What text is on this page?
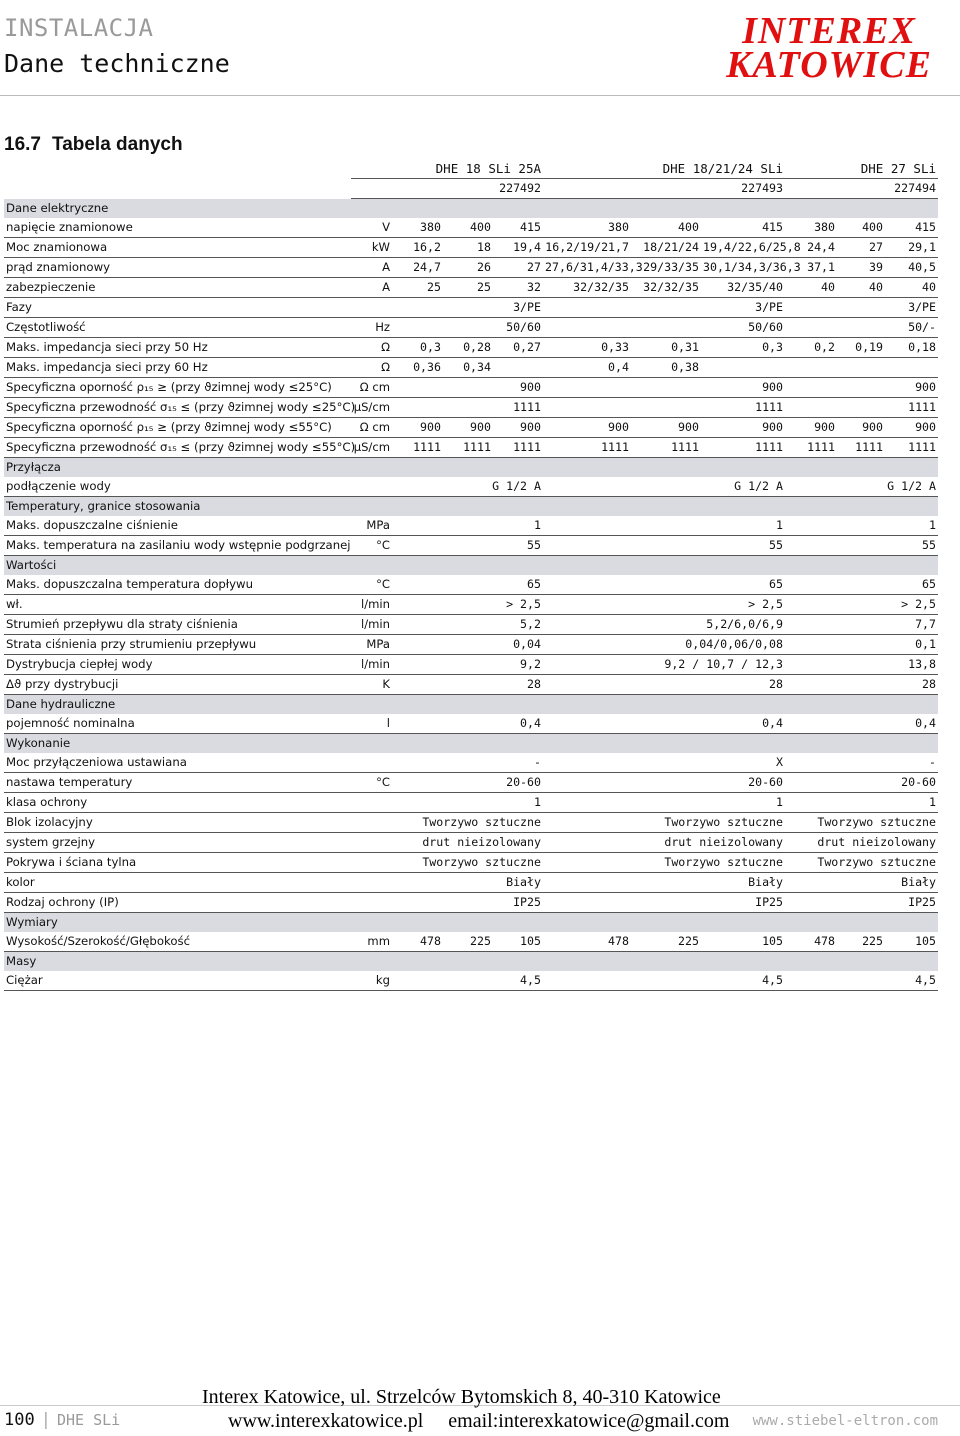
INSTALACJA
Dane techniczne
INTEREX
KATOWICE
16.7 Tabela danych
		DHE 18 SLi 25A			DHE 18/21/24 SLi			DHE 27 SLi		
		227492			227493			227494		
Dane elektryczne										
napięcie znamionowe	V	380	400	415	380	400	415	380	400	415
Moc znamionowa	kW	16,2	18	19,4	16,2/19/21,7	18/21/24	19,4/22,6/25,8	24,4	27	29,1
prąd znamionowy	A	24,7	26	27	27,6/31,4/33,3	29/33/35	30,1/34,3/36,3	37,1	39	40,5
zabezpieczenie	A	25	25	32	32/32/35	32/32/35	32/35/40	40	40	40
Fazy		3/PE			3/PE			3/PE		
Częstotliwość	Hz	50/60			50/60			50/-		
Maks. impedancja sieci przy 50 Hz	Ω	0,3	0,28	0,27	0,33	0,31	0,3	0,2	0,19	0,18
Maks. impedancja sieci przy 60 Hz	Ω	0,36	0,34		0,4	0,38				
Specyficzna oporność ρ₁₅ ≥ (przy ϑzimnej wody ≤25°C)	Ω cm	900			900			900		
Specyficzna przewodność σ₁₅ ≤ (przy ϑzimnej wody ≤25°C)	μS/cm	1111			1111			1111		
Specyficzna oporność ρ₁₅ ≥ (przy ϑzimnej wody ≤55°C)	Ω cm	900	900	900	900	900	900	900	900	900
Specyficzna przewodność σ₁₅ ≤ (przy ϑzimnej wody ≤55°C)	μS/cm	1111	1111	1111	1111	1111	1111	1111	1111	1111
Przyłącza										
podłączenie wody		G 1/2 A			G 1/2 A			G 1/2 A		
Temperatury, granice stosowania										
Maks. dopuszczalne ciśnienie	MPa	1			1			1		
Maks. temperatura na zasilaniu wody wstępnie podgrzanej	°C	55			55			55		
Wartości										
Maks. dopuszczalna temperatura dopływu	°C	65			65			65		
wł.	l/min	> 2,5			> 2,5			> 2,5		
Strumień przepływu dla straty ciśnienia	l/min	5,2			5,2/6,0/6,9			7,7		
Strata ciśnienia przy strumieniu przepływu	MPa	0,04			0,04/0,06/0,08			0,1		
Dystrybucja ciepłej wody	l/min	9,2			9,2 / 10,7 / 12,3			13,8		
Δϑ przy dystrybucji	K	28			28			28		
Dane hydrauliczne										
pojemność nominalna	l	0,4			0,4			0,4		
Wykonanie										
Moc przyłączeniowa ustawiana		-			X			-		
nastawa temperatury	°C	20-60			20-60			20-60		
klasa ochrony		1			1			1		
Blok izolacyjny		Tworzywo sztuczne			Tworzywo sztuczne			Tworzywo sztuczne		
system grzejny		drut nieizolowany			drut nieizolowany			drut nieizolowany		
Pokrywa i ściana tylna		Tworzywo sztuczne			Tworzywo sztuczne			Tworzywo sztuczne		
kolor		Biały			Biały			Biały		
Rodzaj ochrony (IP)		IP25			IP25			IP25		
Wymiary										
Wysokość/Szerokość/Głębokość	mm	478	225	105	478	225	105	478	225	105
Masy										
Ciężar	kg	4,5			4,5			4,5		
Interex Katowice, ul. Strzelców Bytomskich 8, 40-310 Katowice
www.stiebel-eltron.com
100 | DHE SLi	www.interexkatowice.pl     email:interexkatowice@gmail.com
